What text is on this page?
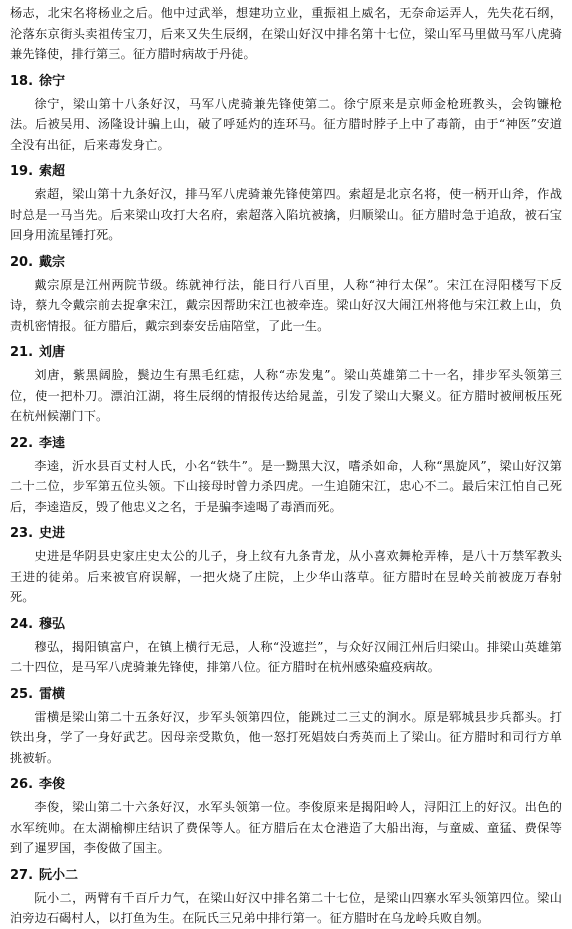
杨志，北宋名将杨业之后。他中过武举，想建功立业，重振祖上威名，无奈命运弄人，先失花石纲，沦落东京街头卖祖传宝刀，后来又失生辰纲，在梁山好汉中排名第十七位，梁山军马里做马军八虎骑兼先锋使，排行第三。征方腊时病故于丹徒。

18. 徐宁

徐宁，梁山第十八条好汉，马军八虎骑兼先锋使第二。徐宁原来是京师金枪班教头，会钩镰枪法。后被吴用、汤隆设计骗上山，破了呼延灼的连环马。征方腊时脖子上中了毒箭，由于“神医”安道全没有出征，后来毒发身亡。

19. 索超

索超，梁山第十九条好汉，排马军八虎骑兼先锋使第四。索超是北京名将，使一柄开山斧，作战时总是一马当先。后来梁山攻打大名府，索超落入陷坑被擒，归顺梁山。征方腊时急于追敌，被石宝回身用流星锤打死。

20. 戴宗

戴宗原是江州两院节级。练就神行法，能日行八百里，人称“神行太保”。宋江在浔阳楼写下反诗，蔡九令戴宗前去捉拿宋江，戴宗因帮助宋江也被牵连。梁山好汉大闹江州将他与宋江救上山，负责机密情报。征方腊后，戴宗到泰安岳庙陪堂，了此一生。

21. 刘唐

刘唐，紫黑阔脸，鬓边生有黑毛红痣，人称“赤发鬼”。梁山英雄第二十一名，排步军头领第三位，使一把朴刀。漂泊江湖，将生辰纲的情报传达给晁盖，引发了梁山大聚义。征方腊时被闸板压死在杭州候潮门下。

22. 李逵

李逵，沂水县百丈村人氏，小名“铁牛”。是一黝黑大汉，嗜杀如命，人称“黑旋风”，梁山好汉第二十二位，步军第五位头领。下山接母时曾力杀四虎。一生追随宋江，忠心不二。最后宋江怕自己死后，李逵造反，毁了他忠义之名，于是骗李逵喝了毒酒而死。

23. 史进

史进是华阴县史家庄史太公的儿子，身上纹有九条青龙，从小喜欢舞枪弄棒，是八十万禁军教头王进的徒弟。后来被官府误解，一把火烧了庄院，上少华山落草。征方腊时在昱岭关前被庞万春射死。

24. 穆弘

穆弘，揭阳镇富户，在镇上横行无忌，人称“没遮拦”，与众好汉闹江州后归梁山。排梁山英雄第二十四位，是马军八虎骑兼先锋使，排第八位。征方腊时在杭州感染瘟疫病故。

25. 雷横

雷横是梁山第二十五条好汉，步军头领第四位，能跳过二三丈的涧水。原是郓城县步兵都头。打铁出身，学了一身好武艺。因母亲受欺负，他一怒打死娼妓白秀英而上了梁山。征方腊时和司行方单挑被斩。

26. 李俊

李俊，梁山第二十六条好汉，水军头领第一位。李俊原来是揭阳岭人，浔阳江上的好汉。出色的水军统帅。在太湖榆柳庄结识了费保等人。征方腊后在太仓港造了大船出海，与童威、童猛、费保等到了暹罗国，李俊做了国主。

27. 阮小二

阮小二，两臂有千百斤力气，在梁山好汉中排名第二十七位，是梁山四寨水军头领第四位。梁山泊旁边石碣村人，以打鱼为生。在阮氏三兄弟中排行第一。征方腊时在乌龙岭兵败自刎。
